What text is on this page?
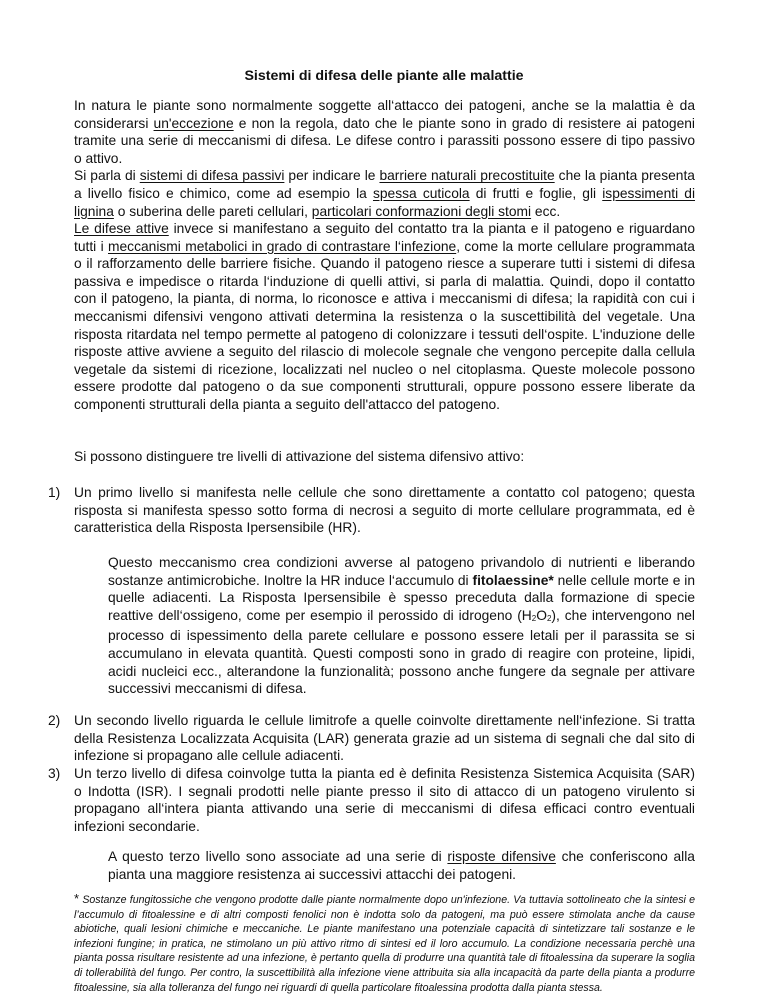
Sistemi di difesa delle piante alle malattie

In natura le piante sono normalmente soggette all‘attacco dei patogeni, anche se la malattia è da considerarsi un'eccezione e non la regola, dato che le piante sono in grado di resistere ai patogeni tramite una serie di meccanismi di difesa. Le difese contro i parassiti possono essere di tipo passivo o attivo.

Si parla di sistemi di difesa passivi per indicare le barriere naturali precostituite che la pianta presenta a livello fisico e chimico, come ad esempio la spessa cuticola di frutti e foglie, gli ispessimenti di lignina o suberina delle pareti cellulari, particolari conformazioni degli stomi ecc.

Le difese attive invece si manifestano a seguito del contatto tra la pianta e il patogeno e riguardano tutti i meccanismi metabolici in grado di contrastare l‘infezione, come la morte cellulare programmata o il rafforzamento delle barriere fisiche. Quando il patogeno riesce a superare tutti i sistemi di difesa passiva e impedisce o ritarda l‘induzione di quelli attivi, si parla di malattia. Quindi, dopo il contatto con il patogeno, la pianta, di norma, lo riconosce e attiva i meccanismi di difesa; la rapidità con cui i meccanismi difensivi vengono attivati determina la resistenza o la suscettibilità del vegetale. Una risposta ritardata nel tempo permette al patogeno di colonizzare i tessuti dell‘ospite. L'induzione delle risposte attive avviene a seguito del rilascio di molecole segnale che vengono percepite dalla cellula vegetale da sistemi di ricezione, localizzati nel nucleo o nel citoplasma. Queste molecole possono essere prodotte dal patogeno o da sue componenti strutturali, oppure possono essere liberate da componenti strutturali della pianta a seguito dell'attacco del patogeno.

Si possono distinguere tre livelli di attivazione del sistema difensivo attivo:
1) Un primo livello si manifesta nelle cellule che sono direttamente a contatto col patogeno; questa risposta si manifesta spesso sotto forma di necrosi a seguito di morte cellulare programmata, ed è caratteristica della Risposta Ipersensibile (HR).
Questo meccanismo crea condizioni avverse al patogeno privandolo di nutrienti e liberando sostanze antimicrobiche. Inoltre la HR induce l‘accumulo di fitolaessine* nelle cellule morte e in quelle adiacenti. La Risposta Ipersensibile è spesso preceduta dalla formazione di specie reattive dell‘ossigeno, come per esempio il perossido di idrogeno $(H_2O_2)$, che intervengono nel processo di ispessimento della parete cellulare e possono essere letali per il parassita se si accumulano in elevata quantità. Questi composti sono in grado di reagire con proteine, lipidi, acidi nucleici ecc., alterandone la funzionalità; possono anche fungere da segnale per attivare successivi meccanismi di difesa.
2) Un secondo livello riguarda le cellule limitrofe a quelle coinvolte direttamente nell‘infezione. Si tratta della Resistenza Localizzata Acquisita (LAR) generata grazie ad un sistema di segnali che dal sito di infezione si propagano alle cellule adiacenti.
3) Un terzo livello di difesa coinvolge tutta la pianta ed è definita Resistenza Sistemica Acquisita (SAR) o Indotta (ISR). I segnali prodotti nelle piante presso il sito di attacco di un patogeno virulento si propagano all‘intera pianta attivando una serie di meccanismi di difesa efficaci contro eventuali infezioni secondarie.
* Sostanze fungitossiche che vengono prodotte dalle piante normalmente dopo un'infezione. Va tuttavia sottolineato che la sintesi e l’accumulo di fitoalessine e di altri composti fenolici non è indotta solo da patogeni, ma può essere stimolata anche da cause abiotiche, quali lesioni chimiche e meccaniche. Le piante manifestano una potenziale capacità di sintetizzare tali sostanze e le infezioni fungine; in pratica, ne stimolano un più attivo ritmo di sintesi ed il loro accumulo. La condizione necessaria perchè una pianta possa risultare resistente ad una infezione, è pertanto quella di produrre una quantità tale di fitoalessina da superare la soglia di tollerabilità del fungo. Per contro, la suscettibilità alla infezione viene attribuita sia alla incapacità da parte della pianta a produrre fitoalessine, sia alla tolleranza del fungo nei riguardi di quella particolare fitoalessina prodotta dalla pianta stessa.
A questo terzo livello sono associate ad una serie di risposte difensive che conferiscono alla pianta una maggiore resistenza ai successivi attacchi dei patogeni.
